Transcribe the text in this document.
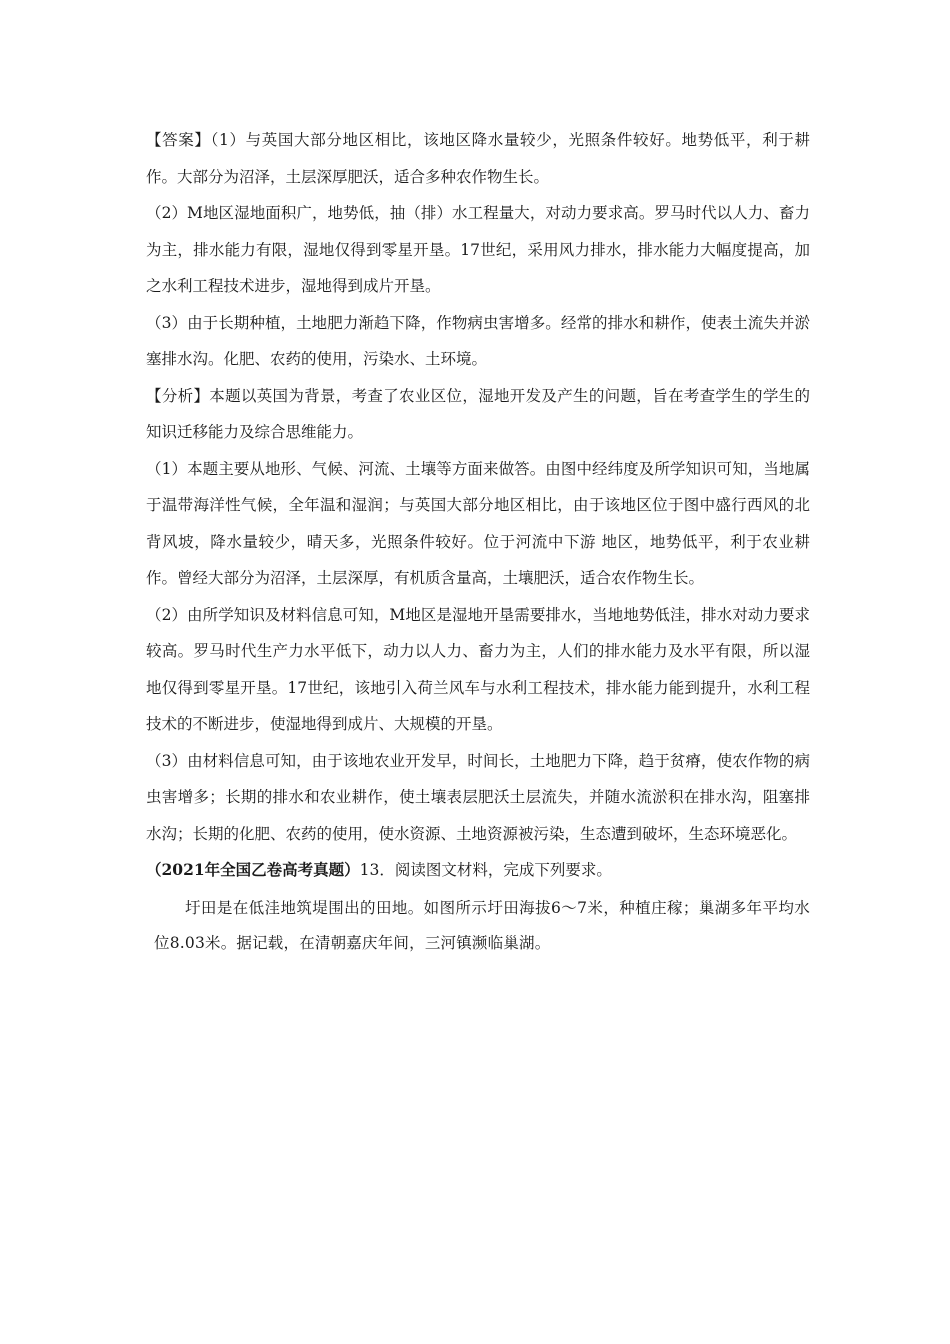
【答案】（1）与英国大部分地区相比，该地区降水量较少，光照条件较好。地势低平，利于耕作。大部分为沼泽，土层深厚肥沃，适合多种农作物生长。

（2）M地区湿地面积广，地势低，抽（排）水工程量大，对动力要求高。罗马时代以人力、畜力为主，排水能力有限，湿地仅得到零星开垦。17世纪，采用风力排水，排水能力大幅度提高，加之水利工程技术进步，湿地得到成片开垦。

（3）由于长期种植，土地肥力渐趋下降，作物病虫害增多。经常的排水和耕作，使表土流失并淤塞排水沟。化肥、农药的使用，污染水、土环境。

【分析】本题以英国为背景，考查了农业区位，湿地开发及产生的问题，旨在考查学生的学生的知识迁移能力及综合思维能力。

（1）本题主要从地形、气候、河流、土壤等方面来做答。由图中经纬度及所学知识可知，当地属于温带海洋性气候，全年温和湿润；与英国大部分地区相比，由于该地区位于图中盛行西风的北背风坡，降水量较少，晴天多，光照条件较好。位于河流中下游 地区，地势低平，利于农业耕作。曾经大部分为沼泽，土层深厚，有机质含量高，土壤肥沃，适合农作物生长。

（2）由所学知识及材料信息可知，M地区是湿地开垦需要排水，当地地势低洼，排水对动力要求较高。罗马时代生产力水平低下，动力以人力、畜力为主，人们的排水能力及水平有限，所以湿地仅得到零星开垦。17世纪，该地引入荷兰风车与水利工程技术，排水能力能到提升，水利工程技术的不断进步，使湿地得到成片、大规模的开垦。

（3）由材料信息可知，由于该地农业开发早，时间长，土地肥力下降，趋于贫瘠，使农作物的病虫害增多；长期的排水和农业耕作，使土壤表层肥沃土层流失，并随水流淤积在排水沟，阻塞排水沟；长期的化肥、农药的使用，使水资源、土地资源被污染，生态遭到破坏，生态环境恶化。

（2021年全国乙卷高考真题）13．阅读图文材料，完成下列要求。

圩田是在低洼地筑堤围出的田地。如图所示圩田海拔6～7米，种植庄稼；巢湖多年平均水位8.03米。据记载，在清朝嘉庆年间，三河镇濒临巢湖。
